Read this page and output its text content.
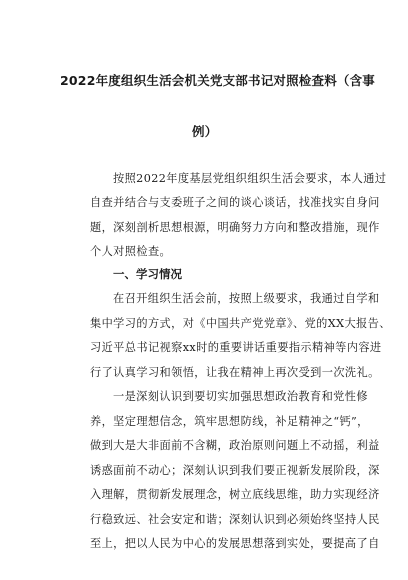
2022年度组织生活会机关党支部书记对照检查料（含事
例）
按照2022年度基层党组织组织生活会要求，本人通过
自查并结合与支委班子之间的谈心谈话，找准找实自身问
题，深刻剖析思想根源，明确努力方向和整改措施，现作
个人对照检查。
一、学习情况
在召开组织生活会前，按照上级要求，我通过自学和
集中学习的方式，对《中国共产党党章》、党的XX大报告、
习近平总书记视察xx时的重要讲话重要指示精神等内容进
行了认真学习和领悟，让我在精神上再次受到一次洗礼。
一是深刻认识到要切实加强思想政治教育和党性修
养，坚定理想信念，筑牢思想防线，补足精神之“钙”，
做到大是大非面前不含糊，政治原则问题上不动摇，利益
诱惑面前不动心；深刻认识到我们要正视新发展阶段，深
入理解，贯彻新发展理念，树立底线思维，助力实现经济
行稳致远、社会安定和谐；深刻认识到必须始终坚持人民
至上，把以人民为中心的发展思想落到实处，要提高了自
